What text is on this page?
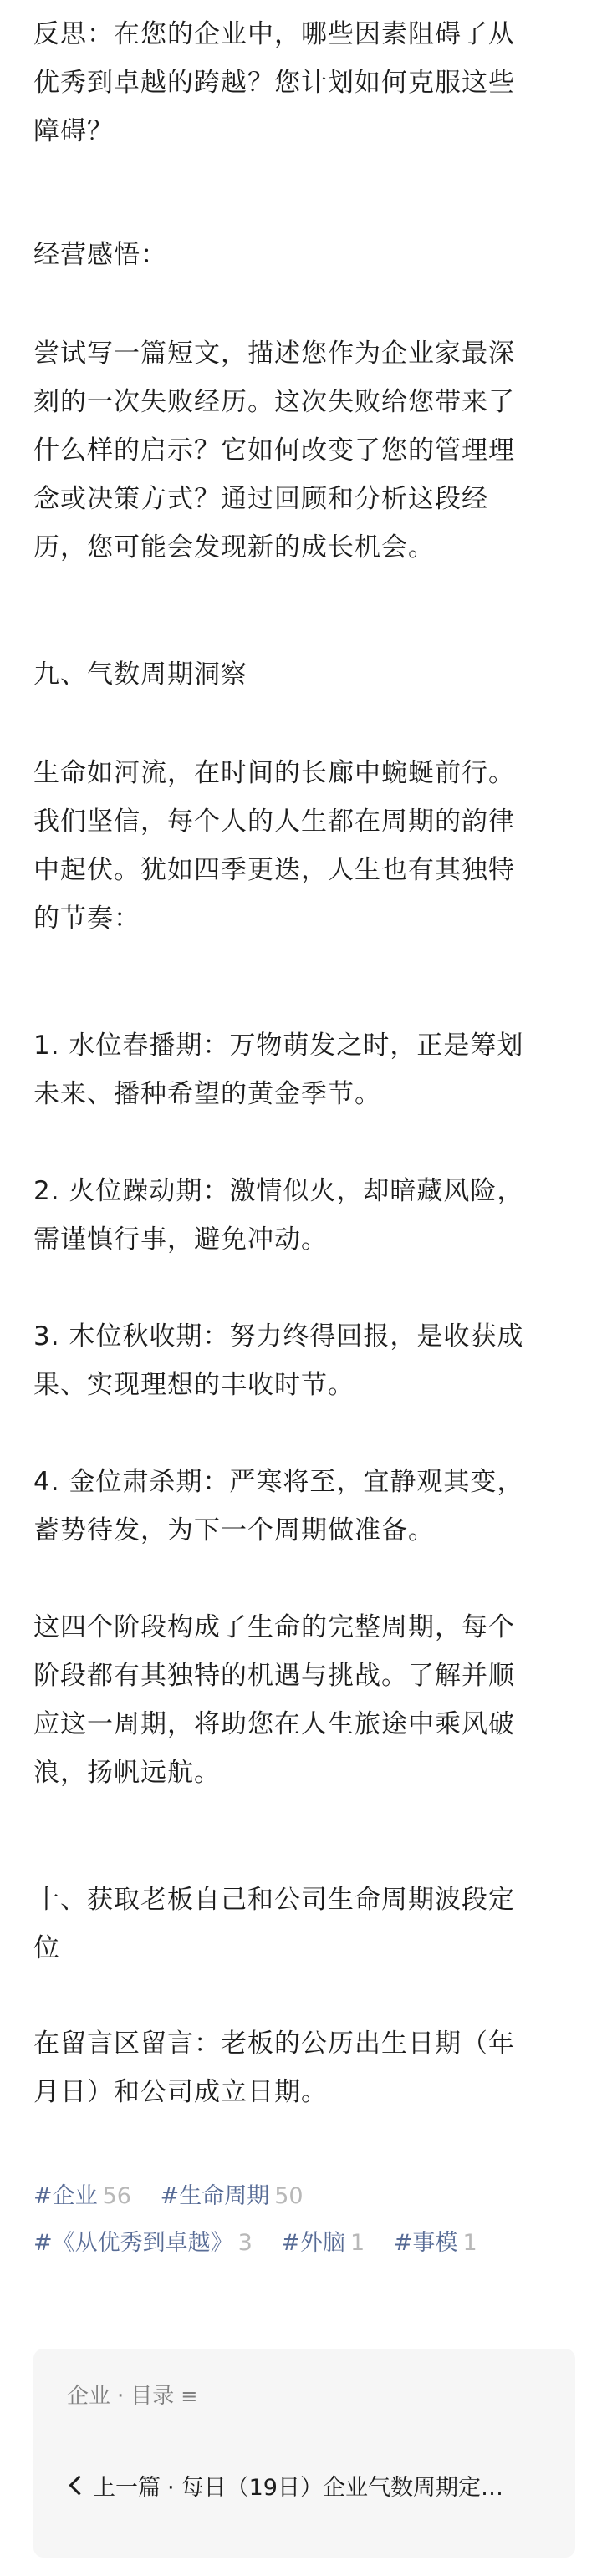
反思：在您的企业中，哪些因素阻碍了从
优秀到卓越的跨越？您计划如何克服这些
障碍？

经营感悟：

尝试写一篇短文，描述您作为企业家最深
刻的一次失败经历。这次失败给您带来了
什么样的启示？它如何改变了您的管理理
念或决策方式？通过回顾和分析这段经
历，您可能会发现新的成长机会。

九、气数周期洞察

生命如河流，在时间的长廊中蜿蜒前行。
我们坚信，每个人的人生都在周期的韵律
中起伏。犹如四季更迭，人生也有其独特
的节奏：

1. 水位春播期：万物萌发之时，正是筹划
未来、播种希望的黄金季节。

2. 火位躁动期：激情似火，却暗藏风险，
需谨慎行事，避免冲动。

3. 木位秋收期：努力终得回报，是收获成
果、实现理想的丰收时节。

4. 金位肃杀期：严寒将至，宜静观其变，
蓄势待发，为下一个周期做准备。

这四个阶段构成了生命的完整周期，每个
阶段都有其独特的机遇与挑战。了解并顺
应这一周期，将助您在人生旅途中乘风破
浪，扬帆远航。

十、获取老板自己和公司生命周期波段定
位

在留言区留言：老板的公历出生日期（年
月日）和公司成立日期。

#企业 56 #生命周期 50
#《从优秀到卓越》 3 #外脑 1 #事模 1
企业 · 目录 ≡
上一篇 · 每日（19日）企业气数周期定…
